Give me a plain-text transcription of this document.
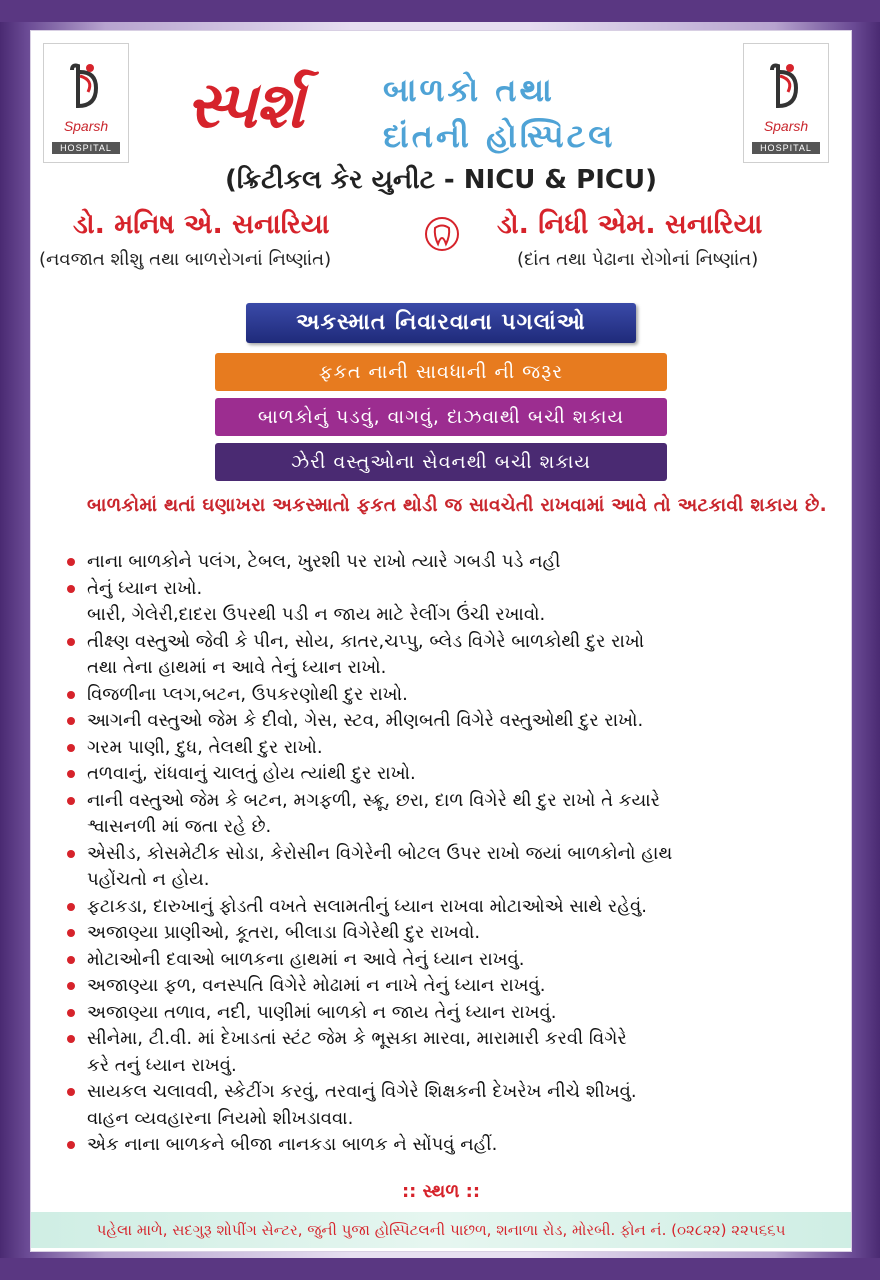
Sparsh
HOSPITAL
Sparsh
HOSPITAL
સ્પર્શ	બાળકો તથા
દાંતની હોસ્પિટલ
(ક્રિટીકલ કેર યુનીટ - NICU & PICU)
ડો. મનિષ એ. સનારિયા	ડો. નિધી એમ. સનારિયા
(નવજાત શીશુ તથા બાળરોગનાં નિષ્ણાંત)	(દાંત તથા પેઢાના રોગોનાં નિષ્ણાંત)
અકસ્માત નિવારવાના પગલાંઓ
ફકત નાની સાવધાની ની જરૂર
બાળકોનું પડવું, વાગવું, દાઝવાથી બચી શકાય
ઝેરી વસ્તુઓના સેવનથી બચી શકાય
બાળકોમાં થતાં ઘણાખરા અકસ્માતો ફકત થોડી જ સાવચેતી રાખવામાં આવે તો અટકાવી શકાય છે.
નાના બાળકોને પલંગ, ટેબલ, ખુરશી પર રાખો ત્યારે ગબડી પડે નહી
તેનું ધ્યાન રાખો.
બારી, ગેલેરી,દાદરા ઉપરથી પડી ન જાય માટે રેલીંગ ઉંચી રખાવો.
તીક્ષ્ણ વસ્તુઓ જેવી કે પીન, સોય, કાતર,ચપ્પુ, બ્લેડ વિગેરે બાળકોથી દુર રાખો
તથા તેના હાથમાં ન આવે તેનું ધ્યાન રાખો.
વિજળીના પ્લગ,બટન, ઉપકરણોથી દુર રાખો.
આગની વસ્તુઓ જેમ કે દીવો, ગેસ, સ્ટવ, મીણબતી વિગેરે વસ્તુઓથી દુર રાખો.
ગરમ પાણી, દુધ, તેલથી દુર રાખો.
તળવાનું, રાંધવાનું ચાલતું હોય ત્યાંથી દુર રાખો.
નાની વસ્તુઓ જેમ કે બટન, મગફળી, સ્ક્રૂ, છરા, દાળ વિગેરે થી દુર રાખો તે કયારે
શ્વાસનળી માં જતા રહે છે.
એસીડ, કોસમેટીક સોડા, કેરોસીન વિગેરેની બોટલ ઉપર રાખો જયાં બાળકોનો હાથ
પહોંચતો ન હોય.
ફટાકડા, દારુખાનું ફોડતી વખતે સલામતીનું ધ્યાન રાખવા મોટાઓએ સાથે રહેવું.
અજાણ્યા પ્રાણીઓ, કૂતરા, બીલાડા વિગેરેથી દુર રાખવો.
મોટાઓની દવાઓ બાળકના હાથમાં ન આવે તેનું ધ્યાન રાખવું.
અજાણ્યા ફળ, વનસ્પતિ વિગેરે મોઢામાં ન નાખે તેનું ધ્યાન રાખવું.
અજાણ્યા તળાવ, નદી, પાણીમાં બાળકો ન જાય તેનું ધ્યાન રાખવું.
સીનેમા, ટી.વી. માં દેખાડતાં સ્ટંટ જેમ કે ભૂસકા મારવા, મારામારી કરવી વિગેરે
કરે તનું ધ્યાન રાખવું.
સાયકલ ચલાવવી, સ્કેટીંગ કરવું, તરવાનું વિગેરે શિક્ષકની દેખરેખ નીચે શીખવું.
વાહન વ્યવહારના નિયમો શીખડાવવા.
એક નાના બાળકને બીજા નાનકડા બાળક ને સોંપવું નહીં.
:: સ્થળ ::
પહેલા માળે, સદગુરૂ શોપીંગ સેન્ટર, જુની પુજા હોસ્પિટલની પાછળ, શનાળા રોડ, મોરબી. ફોન નં. (૦૨૮૨૨) ૨૨૫૬૬૫
